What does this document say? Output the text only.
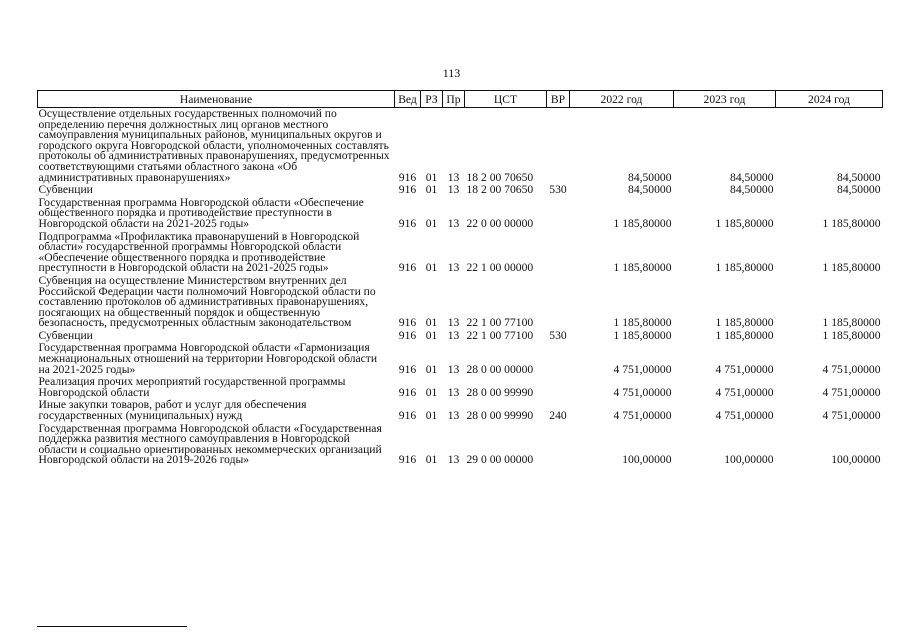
113
Наименование	Вед	РЗ	Пр	ЦСТ	ВР	2022 год	2023 год	2024 год
Осуществление отдельных государственных полномочий по определению перечня должностных лиц органов местного самоуправления муниципальных районов, муниципальных округов и городского округа Новгородской области, уполномоченных составлять протоколы об административных правонарушениях, предусмотренных соответствующими статьями областного закона «Об административных правонарушениях»	916	01	13	18 2 00 70650		84,50000	84,50000	84,50000
Субвенции	916	01	13	18 2 00 70650	530	84,50000	84,50000	84,50000
Государственная программа Новгородской области «Обеспечение общественного порядка и противодействие преступности в Новгородской области на 2021-2025 годы»	916	01	13	22 0 00 00000		1 185,80000	1 185,80000	1 185,80000
Подпрограмма «Профилактика правонарушений в Новгородской области» государственной программы Новгородской области «Обеспечение общественного порядка и противодействие преступности в Новгородской области на 2021-2025 годы»	916	01	13	22 1 00 00000		1 185,80000	1 185,80000	1 185,80000
Субвенция на осуществление Министерством внутренних дел Российской Федерации части полномочий Новгородской области по составлению протоколов об административных правонарушениях, посягающих на общественный порядок и общественную безопасность, предусмотренных областным законодательством	916	01	13	22 1 00 77100		1 185,80000	1 185,80000	1 185,80000
Субвенции	916	01	13	22 1 00 77100	530	1 185,80000	1 185,80000	1 185,80000
Государственная программа Новгородской области «Гармонизация межнациональных отношений на территории Новгородской области на 2021-2025 годы»	916	01	13	28 0 00 00000		4 751,00000	4 751,00000	4 751,00000
Реализация прочих мероприятий государственной программы Новгородской области	916	01	13	28 0 00 99990		4 751,00000	4 751,00000	4 751,00000
Иные закупки товаров, работ и услуг для обеспечения государственных (муниципальных) нужд	916	01	13	28 0 00 99990	240	4 751,00000	4 751,00000	4 751,00000
Государственная программа Новгородской области «Государственная поддержка развития местного самоуправления в Новгородской области и социально ориентированных некоммерческих организаций Новгородской области на 2019-2026 годы»	916	01	13	29 0 00 00000		100,00000	100,00000	100,00000
